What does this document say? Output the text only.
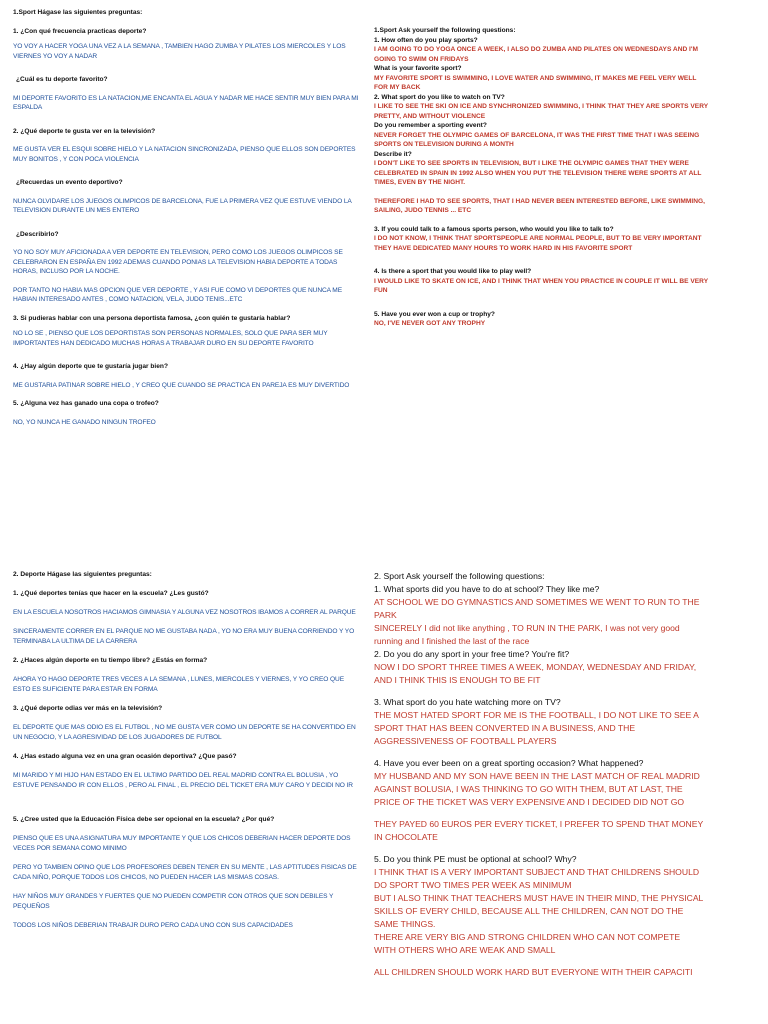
1.Sport Hágase las siguientes preguntas:
1. ¿Con qué frecuencia practicas deporte?
YO VOY A HACER YOGA UNA VEZ A LA SEMANA , TAMBIEN HAGO ZUMBA Y PILATES LOS MIERCOLES Y LOS VIERNES YO VOY A NADAR
¿Cuál es tu deporte favorito?
MI DEPORTE FAVORITO ES LA NATACION,ME ENCANTA EL AGUA Y NADAR ME HACE SENTIR MUY BIEN PARA MI ESPALDA
2. ¿Qué deporte te gusta ver en la televisión?
ME GUSTA VER EL ESQUI SOBRE HIELO Y LA NATACION SINCRONIZADA, PIENSO QUE ELLOS SON DEPORTES MUY BONITOS , Y CON POCA VIOLENCIA
¿Recuerdas un evento deportivo?
NUNCA OLVIDARE LOS JUEGOS OLIMPICOS DE BARCELONA, FUE LA PRIMERA VEZ QUE ESTUVE VIENDO LA TELEVISION DURANTE UN MES ENTERO
¿Describirlo?
YO NO SOY MUY AFICIONADA A VER DEPORTE EN TELEVISION, PERO COMO LOS JUEGOS OLIMPICOS SE CELEBRARON EN ESPAÑA EN 1992 ADEMAS CUANDO PONIAS LA TELEVISION HABIA DEPORTE A TODAS HORAS, INCLUSO POR LA NOCHE.
POR TANTO NO HABIA MAS OPCION QUE VER DEPORTE , Y ASI FUE COMO VI DEPORTES QUE NUNCA ME HABIAN INTERESADO ANTES , COMO NATACION, VELA, JUDO TENIS...ETC
3. Si pudieras hablar con una persona deportista famosa, ¿con quién te gustaría hablar?
NO LO SE , PIENSO QUE LOS DEPORTISTAS SON PERSONAS NORMALES, SOLO QUE PARA SER MUY IMPORTANTES HAN DEDICADO MUCHAS HORAS A TRABAJAR DURO EN SU DEPORTE FAVORITO
4. ¿Hay algún deporte que te gustaría jugar bien?
ME GUSTARIA PATINAR SOBRE HIELO , Y CREO QUE CUANDO SE PRACTICA EN PAREJA ES MUY DIVERTIDO
5. ¿Alguna vez has ganado una copa o trofeo?
NO, YO NUNCA HE GANADO NINGUN TROFEO
1.Sport Ask yourself the following questions:
1. How often do you play sports?
I AM GOING TO DO YOGA ONCE A WEEK, I ALSO DO ZUMBA AND PILATES ON WEDNESDAYS AND I'M GOING TO SWIM ON FRIDAYS
What is your favorite sport?
MY FAVORITE SPORT IS SWIMMING, I LOVE WATER AND SWIMMING, IT MAKES ME FEEL VERY WELL FOR MY BACK
2. What sport do you like to watch on TV?
I LIKE TO SEE THE SKI ON ICE AND SYNCHRONIZED SWIMMING, I THINK THAT THEY ARE SPORTS VERY PRETTY, AND WITHOUT VIOLENCE
Do you remember a sporting event?
NEVER FORGET THE OLYMPIC GAMES OF BARCELONA, IT WAS THE FIRST TIME THAT I WAS SEEING SPORTS ON TELEVISION DURING A MONTH
Describe it?
I DON'T LIKE TO SEE SPORTS IN TELEVISION, BUT I LIKE THE OLYMPIC GAMES THAT THEY WERE CELEBRATED IN SPAIN IN 1992 ALSO WHEN YOU PUT THE TELEVISION THERE WERE SPORTS AT ALL TIMES, EVEN BY THE NIGHT.
THEREFORE I HAD TO SEE SPORTS, THAT I HAD NEVER BEEN INTERESTED BEFORE, LIKE SWIMMING, SAILING, JUDO TENNIS ... ETC
3. If you could talk to a famous sports person, who would you like to talk to?
I DO NOT KNOW, I THINK THAT SPORTSPEOPLE ARE NORMAL PEOPLE, BUT TO BE VERY IMPORTANT THEY HAVE DEDICATED MANY HOURS TO WORK HARD IN HIS FAVORITE SPORT
4. Is there a sport that you would like to play well?
I WOULD LIKE TO SKATE ON ICE, AND I THINK THAT WHEN YOU PRACTICE IN COUPLE IT WILL BE VERY FUN
5. Have you ever won a cup or trophy?
NO, I'VE NEVER GOT ANY TROPHY
2. Deporte Hágase las siguientes preguntas:
1. ¿Qué deportes tenías que hacer en la escuela? ¿Les gustó?
EN LA ESCUELA NOSOTROS HACIAMOS GIMNASIA Y ALGUNA VEZ NOSOTROS IBAMOS A CORRER AL PARQUE
SINCERAMENTE CORRER EN EL PARQUE NO ME GUSTABA NADA , YO NO ERA MUY BUENA CORRIENDO Y YO TERMINABA LA ULTIMA DE LA CARRERA
2. ¿Haces algún deporte en tu tiempo libre? ¿Estás en forma?
AHORA YO HAGO DEPORTE TRES VECES A LA SEMANA , LUNES, MIERCOLES Y VIERNES, Y YO CREO QUE ESTO ES SUFICIENTE PARA ESTAR EN FORMA
3. ¿Qué deporte odias ver más en la televisión?
EL DEPORTE QUE MAS ODIO ES EL FUTBOL , NO ME GUSTA VER COMO UN DEPORTE SE HA CONVERTIDO EN UN NEGOCIO, Y LA AGRESIVIDAD DE LOS JUGADORES DE FUTBOL
4. ¿Has estado alguna vez en una gran ocasión deportiva? ¿Que pasó?
MI MARIDO Y MI HIJO HAN ESTADO EN EL ULTIMO PARTIDO DEL REAL MADRID CONTRA EL BOLUSIA , YO ESTUVE PENSANDO IR CON ELLOS , PERO AL FINAL , EL PRECIO DEL TICKET ERA MUY CARO Y DECIDI NO IR
5. ¿Cree usted que la Educación Física debe ser opcional en la escuela? ¿Por qué?
PIENSO QUE ES UNA ASIGNATURA MUY IMPORTANTE Y QUE LOS CHICOS DEBERIAN HACER DEPORTE DOS VECES POR SEMANA COMO MINIMO
PERO YO TAMBIEN OPINO QUE LOS PROFESORES DEBEN TENER EN SU MENTE , LAS APTITUDES FISICAS DE CADA NIÑO, PORQUE TODOS LOS CHICOS, NO PUEDEN HACER LAS MISMAS COSAS.
HAY NIÑOS MUY GRANDES Y FUERTES QUE NO PUEDEN COMPETIR CON OTROS QUE SON DEBILES Y PEQUEÑOS
TODOS LOS NIÑOS DEBERIAN TRABAJR DURO PERO CADA UNO CON SUS CAPACIDADES
2. Sport Ask yourself the following questions:
1. What sports did you have to do at school? They like me?
AT SCHOOL WE DO GYMNASTICS AND SOMETIMES WE WENT TO RUN TO THE PARK
SINCERELY I did not like anything , TO RUN IN THE PARK, I was not very good running and I finished the last of the race
2. Do you do any sport in your free time? You're fit?
NOW I DO SPORT THREE TIMES A WEEK, MONDAY, WEDNESDAY AND FRIDAY, AND I THINK THIS IS ENOUGH TO BE FIT
3. What sport do you hate watching more on TV?
THE MOST HATED SPORT FOR ME IS THE FOOTBALL, I DO NOT LIKE TO SEE A SPORT THAT HAS BEEN CONVERTED IN A BUSINESS, AND THE AGGRESSIVENESS OF FOOTBALL PLAYERS
4. Have you ever been on a great sporting occasion? What happened?
MY HUSBAND AND MY SON HAVE BEEN IN THE LAST MATCH OF REAL MADRID AGAINST BOLUSIA, I WAS THINKING TO GO WITH THEM, BUT AT LAST, THE PRICE OF THE TICKET WAS VERY EXPENSIVE AND I DECIDED DID NOT GO
THEY PAYED 60 EUROS PER EVERY TICKET, I PREFER TO SPEND THAT MONEY IN CHOCOLATE
5. Do you think PE must be optional at school? Why?
I THINK THAT IS A VERY IMPORTANT SUBJECT AND THAT CHILDRENS SHOULD DO SPORT TWO TIMES PER WEEK AS MINIMUM
BUT I ALSO THINK THAT TEACHERS MUST HAVE IN THEIR MIND, THE PHYSICAL SKILLS OF EVERY CHILD, BECAUSE ALL THE CHILDREN, CAN NOT DO THE SAME THINGS.
THERE ARE VERY BIG AND STRONG CHILDREN WHO CAN NOT COMPETE WITH OTHERS WHO ARE WEAK AND SMALL
ALL CHILDREN SHOULD WORK HARD BUT EVERYONE WITH THEIR CAPACITI
